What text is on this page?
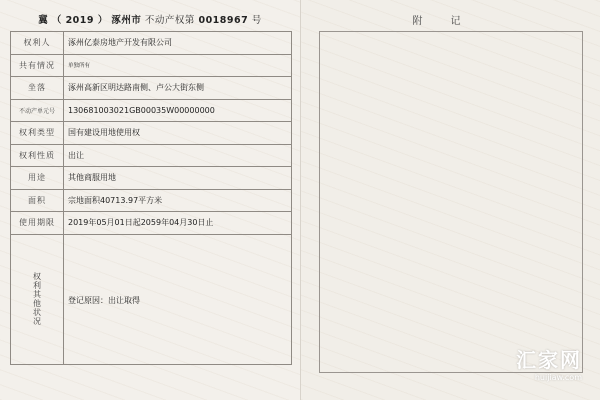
冀 （ 2019 ） 涿州市 不动产权第 0018967 号
权利人	涿州亿泰房地产开发有限公司
共有情况	单独所有
坐落	涿州高新区明达路南侧、卢公大街东侧
不动产单元号	130681003021GB00035W00000000
权利类型	国有建设用地使用权
权利性质	出让
用途	其他商服用地
面积	宗地面积40713.97平方米
使用期限	2019年05月01日起2059年04月30日止
权利其他状况	登记原因：出让取得
附记
汇家网
huijiaw.com
